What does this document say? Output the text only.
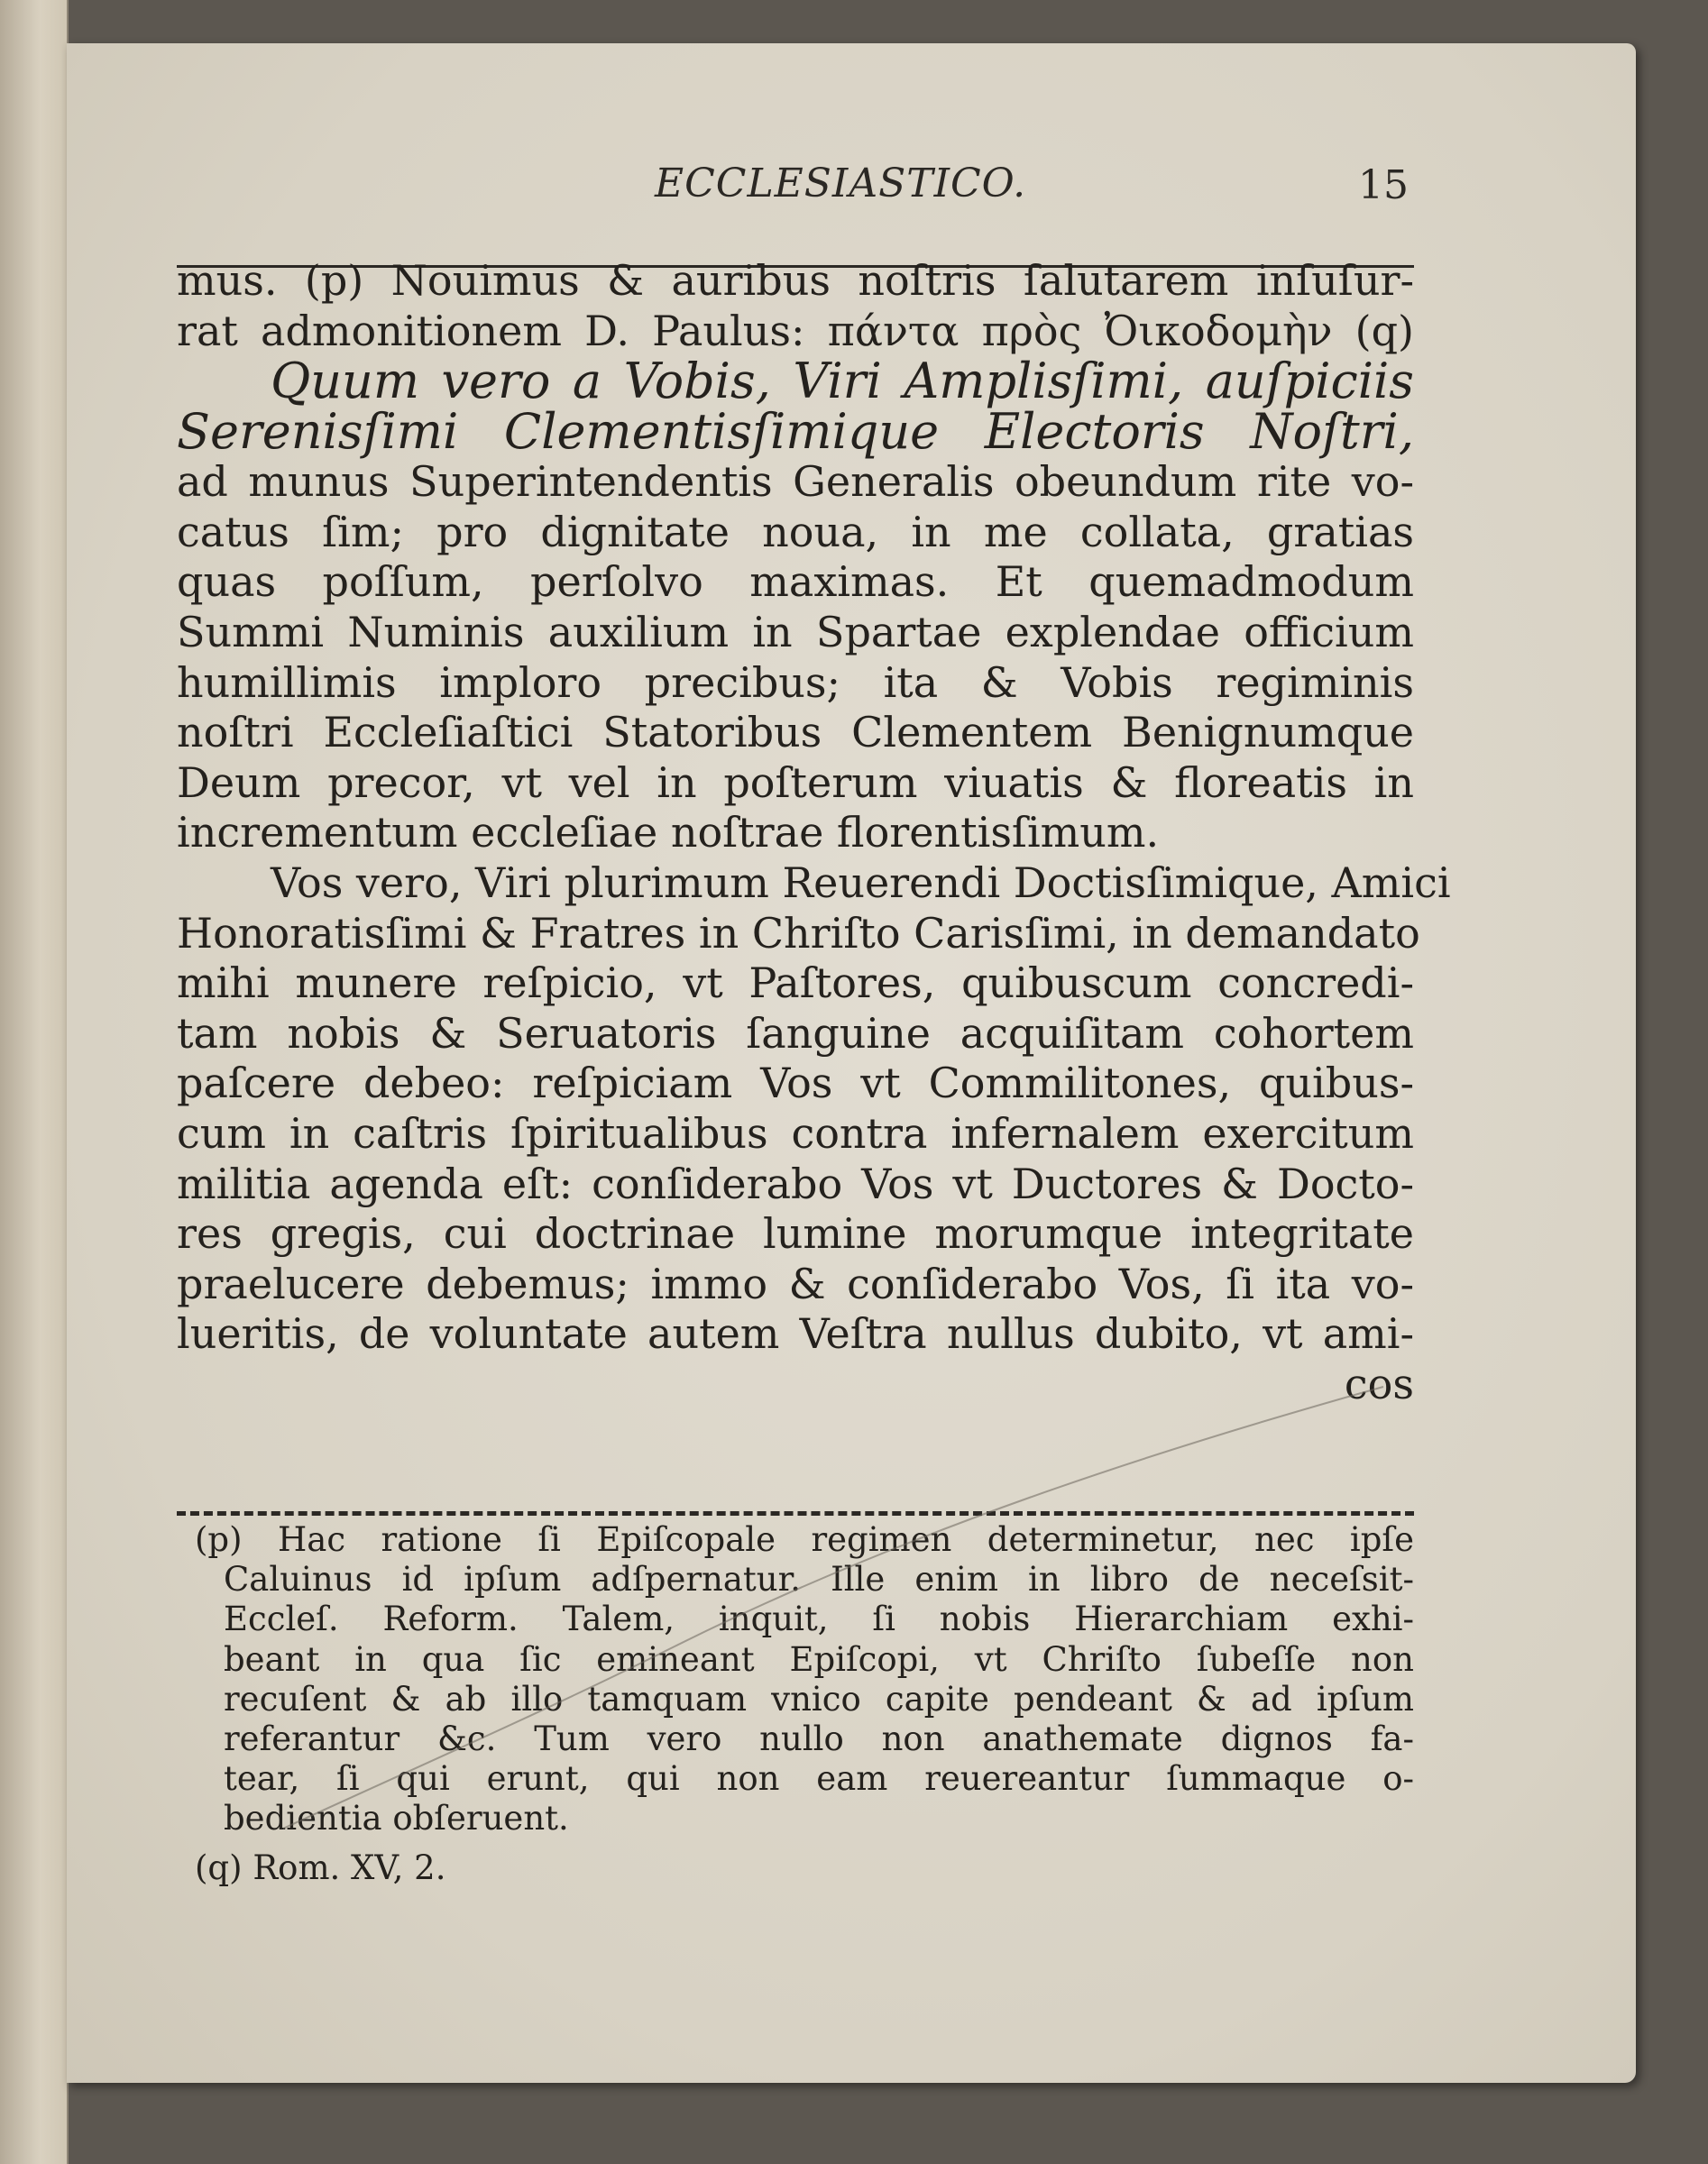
ECCLESIASTICO.	15
mus. (p) Nouimus & auribus noſtris ſalutarem inſuſur-
rat admonitionem D. Paulus: πάντα πρὸς Ὀικοδομὴν (q)
Quum vero a Vobis, Viri Amplisſimi, auſpiciis
Serenisſimi Clementisſimique Electoris Noſtri,
ad munus Superintendentis Generalis obeundum rite vo-
catus ſim; pro dignitate noua, in me collata, gratias
quas poſſum, perſolvo maximas. Et quemadmodum
Summi Numinis auxilium in Spartae explendae officium
humillimis imploro precibus; ita & Vobis regiminis
noſtri Eccleſiaſtici Statoribus Clementem Benignumque
Deum precor, vt vel in poſterum viuatis & floreatis in
incrementum eccleſiae noſtrae florentisſimum.
Vos vero, Viri plurimum Reuerendi Doctisſimique, Amici
Honoratisſimi & Fratres in Chriſto Carisſimi, in demandato
mihi munere reſpicio, vt Paſtores, quibuscum concredi-
tam nobis & Seruatoris ſanguine acquiſitam cohortem
paſcere debeo: reſpiciam Vos vt Commilitones, quibus-
cum in caſtris ſpiritualibus contra infernalem exercitum
militia agenda eſt: conſiderabo Vos vt Ductores & Docto-
res gregis, cui doctrinae lumine morumque integritate
praelucere debemus; immo & conſiderabo Vos, ſi ita vo-
lueritis, de voluntate autem Veſtra nullus dubito, vt ami-
cos
(p) Hac ratione ſi Epiſcopale regimen determinetur, nec ipſe
Caluinus id ipſum adſpernatur. Ille enim in libro de neceſsit-
Eccleſ. Reform. Talem, inquit, ſi nobis Hierarchiam exhi-
beant in qua ſic emineant Epiſcopi, vt Chriſto ſubeſſe non
recuſent & ab illo tamquam vnico capite pendeant & ad ipſum
referantur &c. Tum vero nullo non anathemate dignos fa-
tear, ſi qui erunt, qui non eam reuereantur ſummaque o-
bedientia obſeruent.
(q) Rom. XV, 2.
